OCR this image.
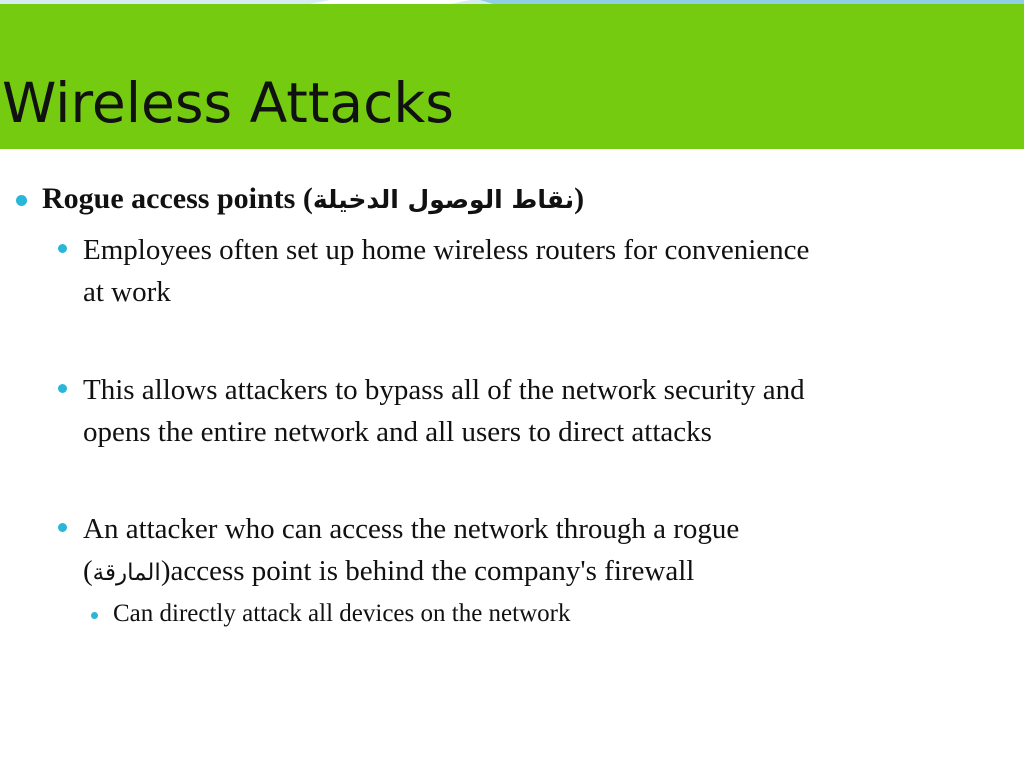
Wireless Attacks
Rogue access points (نقاط الوصول الدخيلة)
Employees often set up home wireless routers for convenience
at work
This allows attackers to bypass all of the network security and
opens the entire network and all users to direct attacks
An attacker who can access the network through a rogue
(المارقة)access point is behind the company's firewall
Can directly attack all devices on the network
